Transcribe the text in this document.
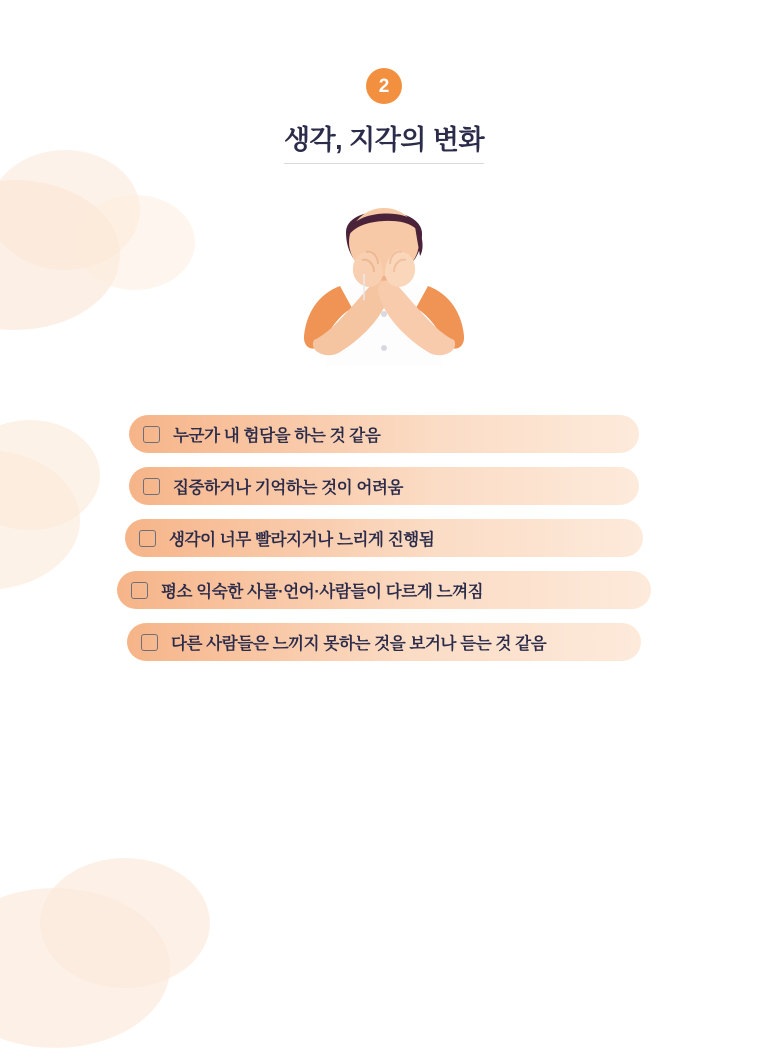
2
생각, 지각의 변화
누군가 내 험담을 하는 것 같음
집중하거나 기억하는 것이 어려움
생각이 너무 빨라지거나 느리게 진행됨
평소 익숙한 사물·언어·사람들이 다르게 느껴짐
다른 사람들은 느끼지 못하는 것을 보거나 듣는 것 같음
